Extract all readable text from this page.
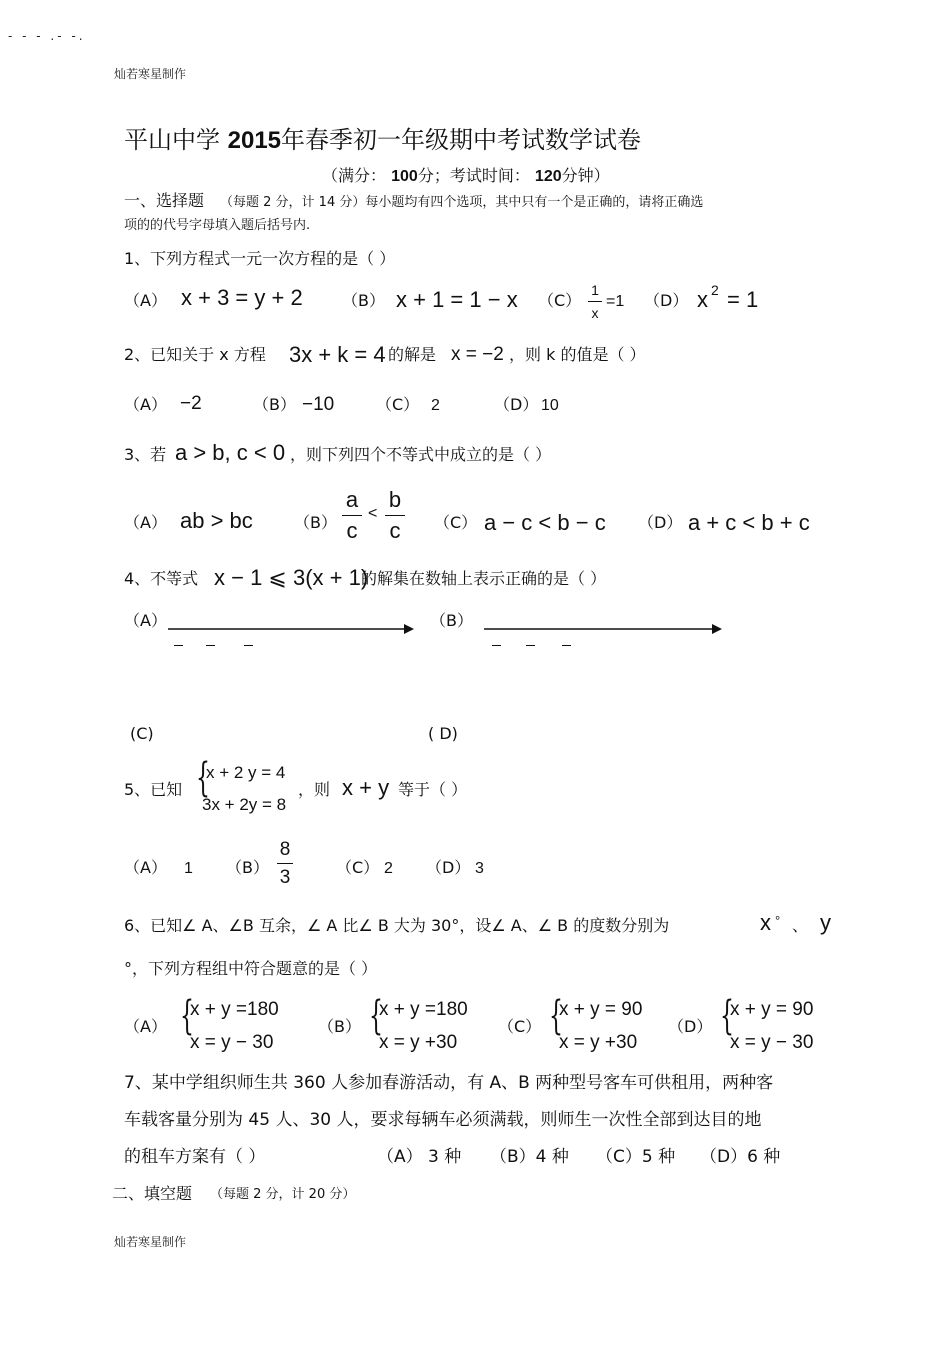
- - - .- -.
灿若寒星制作
平山中学 2015年春季初一年级期中考试数学试卷
（满分： 100分；考试时间： 120分钟）
一、选择题 （每题 2 分，计 14 分）每小题均有四个选项，其中只有一个是正确的，请将正确选
项的的代号字母填入题后括号内.
1、下列方程式一元一次方程的是（ ）
（A） x + 3 = y + 2 （B） x + 1 = 1 − x （C）
1
x
=1 （D） x 2 = 1
2、已知关于 x 方程 3x + k = 4 的解是 x = −2 ，则 k 的值是（ ）
（A） −2	（B） −10	（C） 2	（D） 10
3、若 a > b, c < 0 ，则下列四个不等式中成立的是（ ）
（A） ab > bc	（B）
a
c
<
b
c （C） a − c < b − c （D） a + c < b + c
4、不等式 x − 1 ⩽ 3(x + 1)
的解集在数轴上表示正确的是（ ）
（A）	（B）
(C)	( D)
5、已知 {
x + 2 y = 4
3x + 2y = 8
，则 x + y 等于（ ）
（A） 1 （B）
8
3	（C） 2 （D） 3
6、已知∠ A、∠B 互余，∠ A 比∠ B 大为 30°，设∠ A、∠ B 的度数分别为	x ° 、 y
°，下列方程组中符合题意的是（ ）
（A） {
x + y =180
x = y − 30
（B） {
x + y =180
x = y +30
（C） {
x + y = 90
x = y +30
（D） {
x + y = 90
x = y − 30
7、某中学组织师生共 360 人参加春游活动，有 A、B 两种型号客车可供租用，两种客
车载客量分别为 45 人、30 人，要求每辆车必须满载，则师生一次性全部到达目的地
的租车方案有（ ）	（A） 3 种 （B）4 种 （C）5 种 （D）6 种
二、填空题 （每题 2 分，计 20 分）
灿若寒星制作
